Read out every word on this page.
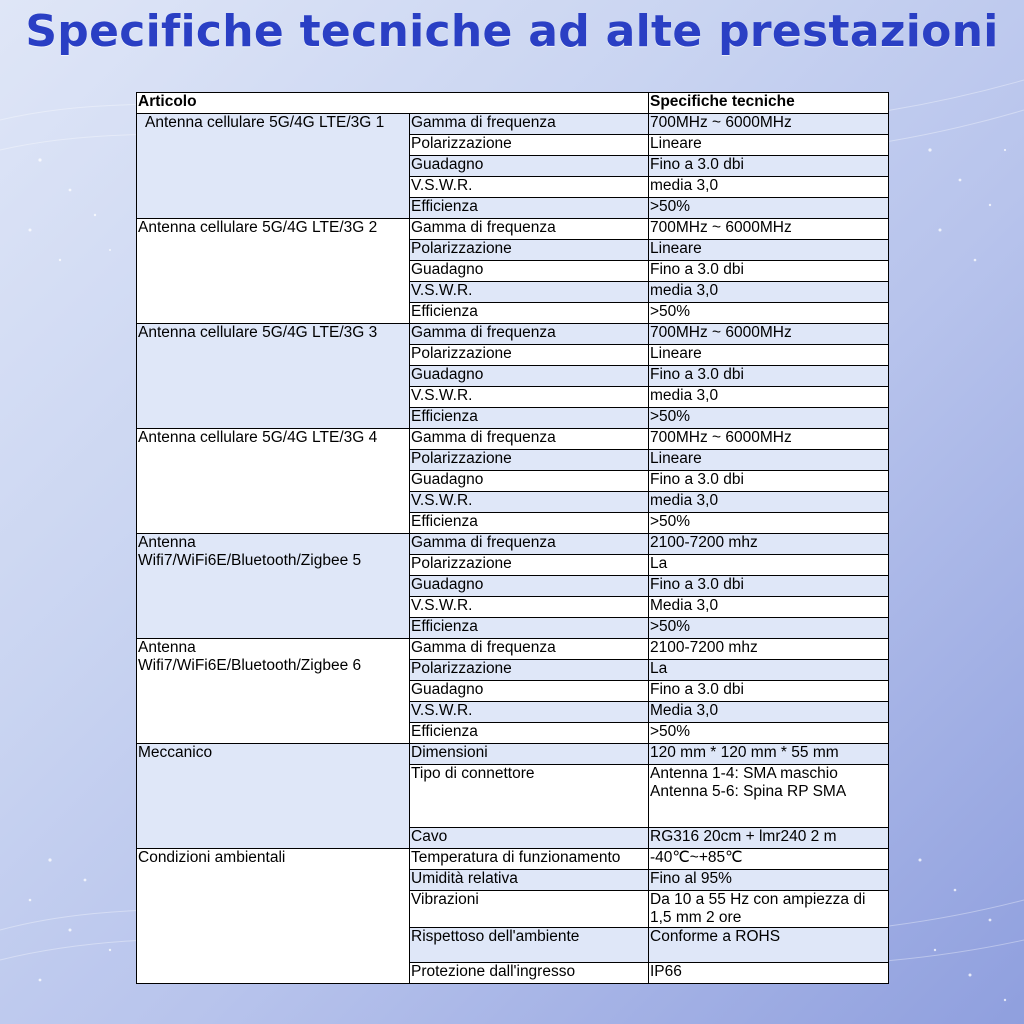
Specifiche tecniche ad alte prestazioni
Articolo		Specifiche tecniche
Antenna cellulare 5G/4G LTE/3G 1	Gamma di frequenza	700MHz ~ 6000MHz
	Polarizzazione	Lineare
	Guadagno	Fino a 3.0 dbi
	V.S.W.R.	media 3,0
	Efficienza	>50%
Antenna cellulare 5G/4G LTE/3G 2	Gamma di frequenza	700MHz ~ 6000MHz
	Polarizzazione	Lineare
	Guadagno	Fino a 3.0 dbi
	V.S.W.R.	media 3,0
	Efficienza	>50%
Antenna cellulare 5G/4G LTE/3G 3	Gamma di frequenza	700MHz ~ 6000MHz
	Polarizzazione	Lineare
	Guadagno	Fino a 3.0 dbi
	V.S.W.R.	media 3,0
	Efficienza	>50%
Antenna cellulare 5G/4G LTE/3G 4	Gamma di frequenza	700MHz ~ 6000MHz
	Polarizzazione	Lineare
	Guadagno	Fino a 3.0 dbi
	V.S.W.R.	media 3,0
	Efficienza	>50%
Antenna Wifi7/WiFi6E/Bluetooth/Zigbee 5	Gamma di frequenza	2100-7200 mhz
	Polarizzazione	La
	Guadagno	Fino a 3.0 dbi
	V.S.W.R.	Media 3,0
	Efficienza	>50%
Antenna Wifi7/WiFi6E/Bluetooth/Zigbee 6	Gamma di frequenza	2100-7200 mhz
	Polarizzazione	La
	Guadagno	Fino a 3.0 dbi
	V.S.W.R.	Media 3,0
	Efficienza	>50%
Meccanico	Dimensioni	120 mm * 120 mm * 55 mm
	Tipo di connettore	Antenna 1-4: SMA maschio
Antenna 5-6: Spina RP SMA
	Cavo	RG316 20cm + lmr240 2 m
Condizioni ambientali	Temperatura di funzionamento	-40℃~+85℃
	Umidità relativa	Fino al 95%
	Vibrazioni	Da 10 a 55 Hz con ampiezza di 1,5 mm 2 ore
	Rispettoso dell'ambiente	Conforme a ROHS
	Protezione dall'ingresso	IP66
